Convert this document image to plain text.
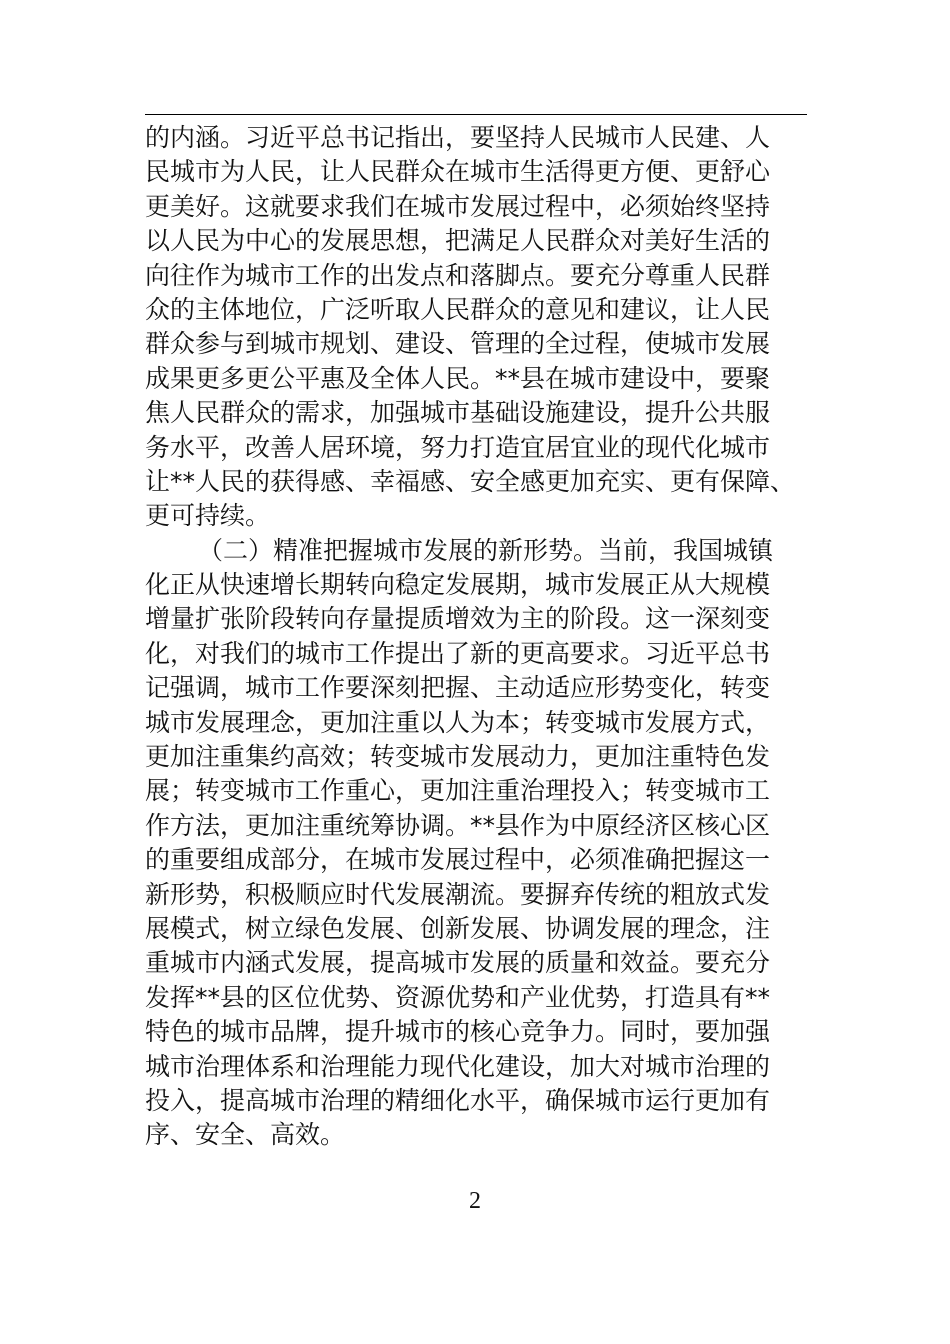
的内涵。习近平总书记指出，要坚持人民城市人民建、人
民城市为人民，让人民群众在城市生活得更方便、更舒心
更美好。这就要求我们在城市发展过程中，必须始终坚持
以人民为中心的发展思想，把满足人民群众对美好生活的
向往作为城市工作的出发点和落脚点。要充分尊重人民群
众的主体地位，广泛听取人民群众的意见和建议，让人民
群众参与到城市规划、建设、管理的全过程，使城市发展
成果更多更公平惠及全体人民。**县在城市建设中，要聚
焦人民群众的需求，加强城市基础设施建设，提升公共服
务水平，改善人居环境，努力打造宜居宜业的现代化城市
让**人民的获得感、幸福感、安全感更加充实、更有保障、
更可持续。
（二）精准把握城市发展的新形势。当前，我国城镇
化正从快速增长期转向稳定发展期，城市发展正从大规模
增量扩张阶段转向存量提质增效为主的阶段。这一深刻变
化，对我们的城市工作提出了新的更高要求。习近平总书
记强调，城市工作要深刻把握、主动适应形势变化，转变
城市发展理念，更加注重以人为本；转变城市发展方式，
更加注重集约高效；转变城市发展动力，更加注重特色发
展；转变城市工作重心，更加注重治理投入；转变城市工
作方法，更加注重统筹协调。**县作为中原经济区核心区
的重要组成部分，在城市发展过程中，必须准确把握这一
新形势，积极顺应时代发展潮流。要摒弃传统的粗放式发
展模式，树立绿色发展、创新发展、协调发展的理念，注
重城市内涵式发展，提高城市发展的质量和效益。要充分
发挥**县的区位优势、资源优势和产业优势，打造具有**
特色的城市品牌，提升城市的核心竞争力。同时，要加强
城市治理体系和治理能力现代化建设，加大对城市治理的
投入，提高城市治理的精细化水平，确保城市运行更加有
序、安全、高效。
2
